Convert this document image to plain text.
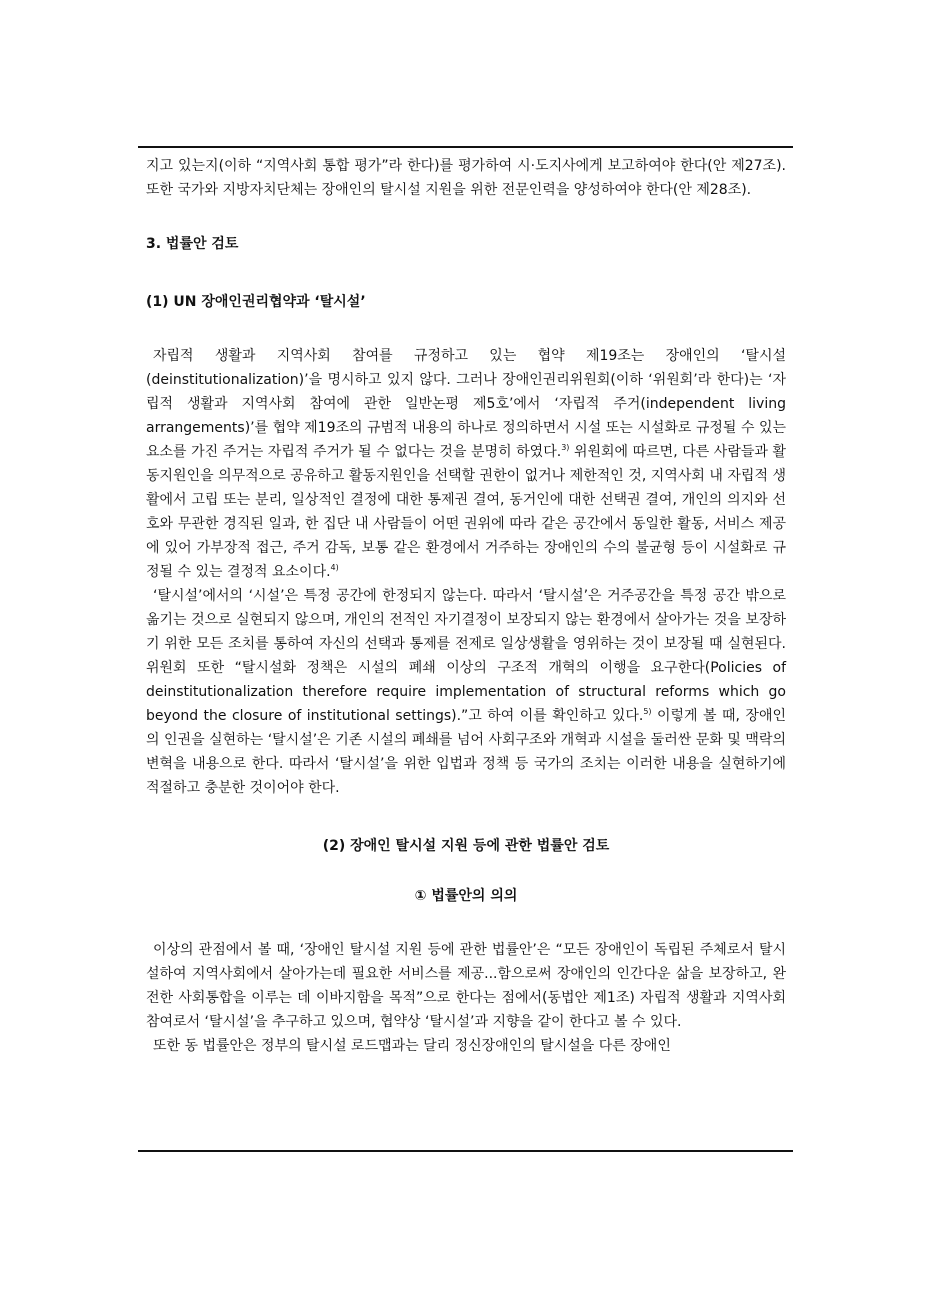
지고 있는지(이하 “지역사회 통합 평가”라 한다)를 평가하여 시·도지사에게 보고하여야 한다(안 제27조). 또한 국가와 지방자치단체는 장애인의 탈시설 지원을 위한 전문인력을 양성하여야 한다(안 제28조).

3. 법률안 검토

(1) UN 장애인권리협약과 ‘탈시설’

자립적 생활과 지역사회 참여를 규정하고 있는 협약 제19조는 장애인의 ‘탈시설(deinstitutionalization)’을 명시하고 있지 않다. 그러나 장애인권리위원회(이하 ‘위원회’라 한다)는 ‘자립적 생활과 지역사회 참여에 관한 일반논평 제5호’에서 ‘자립적 주거(independent living arrangements)’를 협약 제19조의 규범적 내용의 하나로 정의하면서 시설 또는 시설화로 규정될 수 있는 요소를 가진 주거는 자립적 주거가 될 수 없다는 것을 분명히 하였다.$^{3)}$ 위원회에 따르면, 다른 사람들과 활동지원인을 의무적으로 공유하고 활동지원인을 선택할 권한이 없거나 제한적인 것, 지역사회 내 자립적 생활에서 고립 또는 분리, 일상적인 결정에 대한 통제권 결여, 동거인에 대한 선택권 결여, 개인의 의지와 선호와 무관한 경직된 일과, 한 집단 내 사람들이 어떤 권위에 따라 같은 공간에서 동일한 활동, 서비스 제공에 있어 가부장적 접근, 주거 감독, 보통 같은 환경에서 거주하는 장애인의 수의 불균형 등이 시설화로 규정될 수 있는 결정적 요소이다.$^{4)}$

‘탈시설’에서의 ‘시설’은 특정 공간에 한정되지 않는다. 따라서 ‘탈시설’은 거주공간을 특정 공간 밖으로 옮기는 것으로 실현되지 않으며, 개인의 전적인 자기결정이 보장되지 않는 환경에서 살아가는 것을 보장하기 위한 모든 조치를 통하여 자신의 선택과 통제를 전제로 일상생활을 영위하는 것이 보장될 때 실현된다. 위원회 또한 “탈시설화 정책은 시설의 폐쇄 이상의 구조적 개혁의 이행을 요구한다(Policies of deinstitutionalization therefore require implementation of structural reforms which go beyond the closure of institutional settings).”고 하여 이를 확인하고 있다.$^{5)}$ 이렇게 볼 때, 장애인의 인권을 실현하는 ‘탈시설’은 기존 시설의 폐쇄를 넘어 사회구조와 개혁과 시설을 둘러싼 문화 및 맥락의 변혁을 내용으로 한다. 따라서 ‘탈시설’을 위한 입법과 정책 등 국가의 조치는 이러한 내용을 실현하기에 적절하고 충분한 것이어야 한다.

(2) 장애인 탈시설 지원 등에 관한 법률안 검토

① 법률안의 의의

이상의 관점에서 볼 때, ‘장애인 탈시설 지원 등에 관한 법률안’은 “모든 장애인이 독립된 주체로서 탈시설하여 지역사회에서 살아가는데 필요한 서비스를 제공...함으로써 장애인의 인간다운 삶을 보장하고, 완전한 사회통합을 이루는 데 이바지함을 목적”으로 한다는 점에서(동법안 제1조) 자립적 생활과 지역사회 참여로서 ‘탈시설’을 추구하고 있으며, 협약상 ‘탈시설’과 지향을 같이 한다고 볼 수 있다.

또한 동 법률안은 정부의 탈시설 로드맵과는 달리 정신장애인의 탈시설을 다른 장애인
